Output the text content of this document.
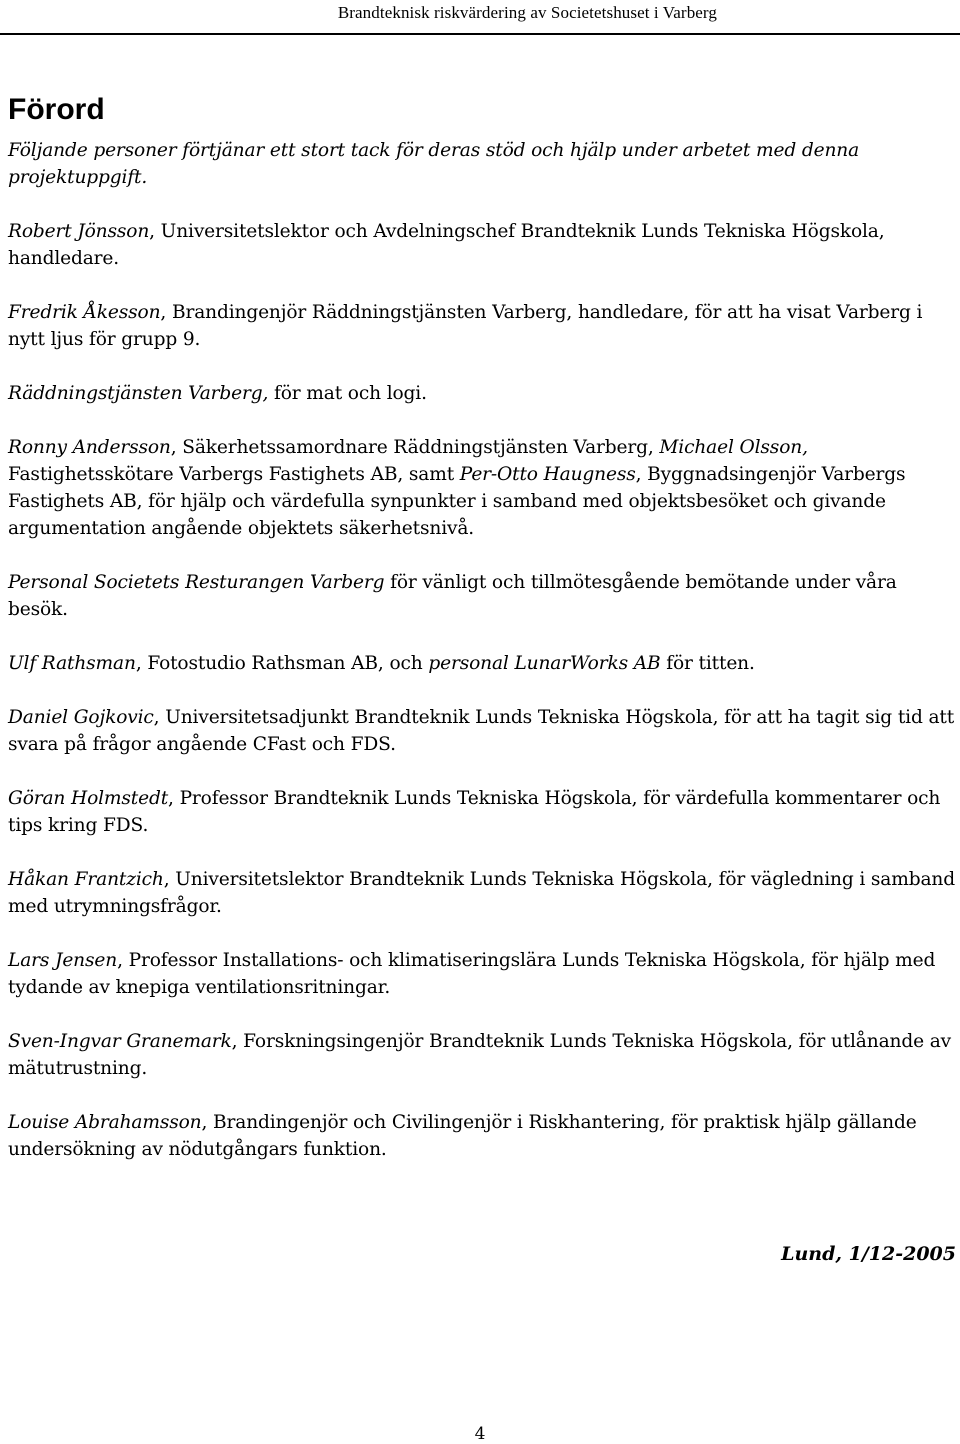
Brandteknisk riskvärdering av Societetshuset i Varberg
Förord

Följande personer förtjänar ett stort tack för deras stöd och hjälp under arbetet med denna projektuppgift.

Robert Jönsson, Universitetslektor och Avdelningschef Brandteknik Lunds Tekniska Högskola, handledare.

Fredrik Åkesson, Brandingenjör Räddningstjänsten Varberg, handledare, för att ha visat Varberg i nytt ljus för grupp 9.

Räddningstjänsten Varberg, för mat och logi.

Ronny Andersson, Säkerhetssamordnare Räddningstjänsten Varberg, Michael Olsson, Fastighetsskötare Varbergs Fastighets AB, samt Per-Otto Haugness, Byggnadsingenjör Varbergs Fastighets AB, för hjälp och värdefulla synpunkter i samband med objektsbesöket och givande argumentation angående objektets säkerhetsnivå.

Personal Societets Resturangen Varberg för vänligt och tillmötesgående bemötande under våra besök.

Ulf Rathsman, Fotostudio Rathsman AB, och personal LunarWorks AB för titten.

Daniel Gojkovic, Universitetsadjunkt Brandteknik Lunds Tekniska Högskola, för att ha tagit sig tid att svara på frågor angående CFast och FDS.

Göran Holmstedt, Professor Brandteknik Lunds Tekniska Högskola, för värdefulla kommentarer och tips kring FDS.

Håkan Frantzich, Universitetslektor Brandteknik Lunds Tekniska Högskola, för vägledning i samband med utrymningsfrågor.

Lars Jensen, Professor Installations- och klimatiseringslära Lunds Tekniska Högskola, för hjälp med tydande av knepiga ventilationsritningar.

Sven-Ingvar Granemark, Forskningsingenjör Brandteknik Lunds Tekniska Högskola, för utlånande av mätutrustning.

Louise Abrahamsson, Brandingenjör och Civilingenjör i Riskhantering, för praktisk hjälp gällande undersökning av nödutgångars funktion.

Lund, 1/12-2005
4
